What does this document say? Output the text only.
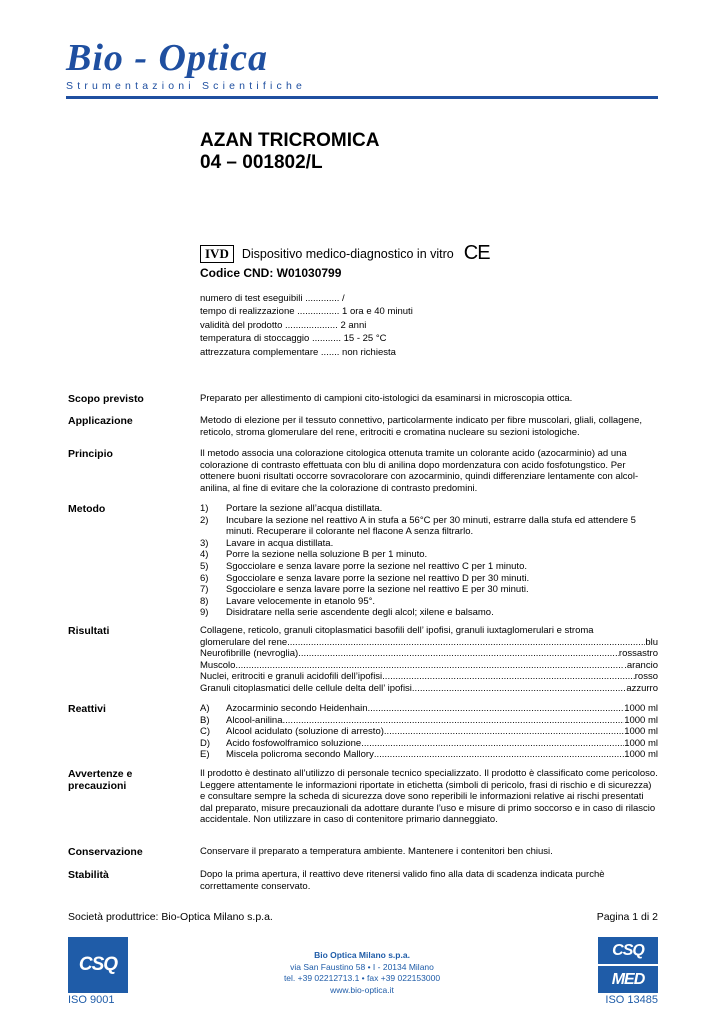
Bio - Optica
Strumentazioni Scientifiche
AZAN TRICROMICA
04 – 001802/L
IVD	Dispositivo medico-diagnostico in vitro CE
Codice CND: W01030799
numero di test eseguibili ............. /
tempo di realizzazione ................ 1 ora e 40 minuti
validità del prodotto .................... 2 anni
temperatura di stoccaggio ........... 15 - 25 °C
attrezzatura complementare ....... non richiesta
Scopo previsto	Preparato per allestimento di campioni cito-istologici da esaminarsi in microscopia ottica.
Applicazione	Metodo di elezione per il tessuto connettivo, particolarmente indicato per fibre muscolari, gliali, collagene, reticolo, stroma glomerulare del rene, eritrociti e cromatina nucleare su sezioni istologiche.
Principio	Il metodo associa una colorazione citologica ottenuta tramite un colorante acido (azocarminio) ad una colorazione di contrasto effettuata con blu di anilina dopo mordenzatura con acido fosfotungstico. Per ottenere buoni risultati occorre sovracolorare con azocarminio, quindi differenziare lentamente con alcol-anilina, al fine di evitare che la colorazione di contrasto predomini.
Metodo	1)	Portare la sezione all’acqua distillata.
2)	Incubare la sezione nel reattivo A in stufa a 56°C per 30 minuti, estrarre dalla stufa ed attendere 5 minuti. Recuperare il colorante nel flacone A senza filtrarlo.
3)	Lavare in acqua distillata.
4)	Porre la sezione nella soluzione B per 1 minuto.
5)	Sgocciolare e senza lavare porre la sezione nel reattivo C per 1 minuto.
6)	Sgocciolare e senza lavare porre la sezione nel reattivo D per 30 minuti.
7)	Sgocciolare e senza lavare porre la sezione nel reattivo E per 30 minuti.
8)	Lavare velocemente in etanolo 95°.
9)	Disidratare nella serie ascendente degli alcol; xilene e balsamo.
Risultati	Collagene, reticolo, granuli citoplasmatici basofili dell’ ipofisi, granuli iuxtaglomerulari e stroma
glomerulare del rene .....	blu
Neurofibrille (nevroglia) .....	rossastro
Muscolo .....	.arancio
Nuclei, eritrociti e granuli acidofili dell’ipofisi .....	rosso
Granuli citoplasmatici delle cellule delta dell’ ipofisi .....	azzurro
Reattivi	A)	Azocarminio secondo Heidenhain .....	1000 ml
B)	Alcool-anilina .....	1000 ml
C)	Alcool acidulato (soluzione di arresto) .....	1000 ml
D)	Acido fosfowolframico soluzione .....	1000 ml
E)	Miscela policroma secondo Mallory .....	1000 ml
Avvertenze e precauzioni
Il prodotto è destinato all’utilizzo di personale tecnico specializzato. Il prodotto è classificato come pericoloso. Leggere attentamente le informazioni riportate in etichetta (simboli di pericolo, frasi di rischio e di sicurezza) e consultare sempre la scheda di sicurezza dove sono reperibili le informazioni relative ai rischi presentati dal preparato, misure precauzionali da adottare durante l’uso e misure di primo soccorso e in caso di rilascio accidentale. Non utilizzare in caso di contenitore primario danneggiato.
Conservazione	Conservare il preparato a temperatura ambiente. Mantenere i contenitori ben chiusi.
Stabilità	Dopo la prima apertura, il reattivo deve ritenersi valido fino alla data di scadenza indicata purchè correttamente conservato.
Società produttrice: Bio-Optica Milano s.p.a.	Pagina 1 di 2
CSQ
ISO 9001
Bio Optica Milano s.p.a.
via San Faustino 58 • I - 20134 Milano
tel. +39 02212713.1 • fax +39 022153000
www.bio-optica.it
CSQ
MED
ISO 13485
